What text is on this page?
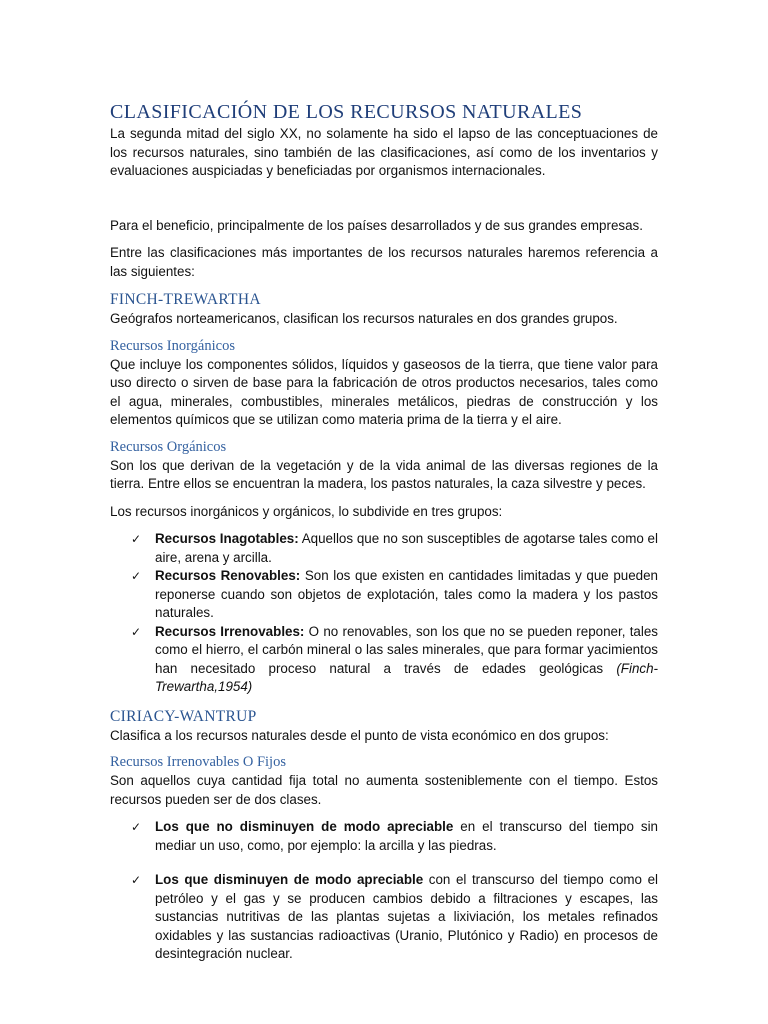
CLASIFICACIÓN DE LOS RECURSOS NATURALES

La segunda mitad del siglo XX, no solamente ha sido el lapso de las conceptuaciones de los recursos naturales, sino también de las clasificaciones, así como de los inventarios y evaluaciones auspiciadas y beneficiadas por organismos internacionales.

Para el beneficio, principalmente de los países desarrollados y de sus grandes empresas.

Entre las clasificaciones más importantes de los recursos naturales haremos referencia a las siguientes:

FINCH-TREWARTHA

Geógrafos norteamericanos, clasifican los recursos naturales en dos grandes grupos.

Recursos Inorgánicos

Que incluye los componentes sólidos, líquidos y gaseosos de la tierra, que tiene valor para uso directo o sirven de base para la fabricación de otros productos necesarios, tales como el agua, minerales, combustibles, minerales metálicos, piedras de construcción y los elementos químicos que se utilizan como materia prima de la tierra y el aire.

Recursos Orgánicos

Son los que derivan de la vegetación y de la vida animal de las diversas regiones de la tierra. Entre ellos se encuentran la madera, los pastos naturales, la caza silvestre y peces.

Los recursos inorgánicos y orgánicos, lo subdivide en tres grupos:

✓ Recursos Inagotables: Aquellos que no son susceptibles de agotarse tales como el aire, arena y arcilla.
✓ Recursos Renovables: Son los que existen en cantidades limitadas y que pueden reponerse cuando son objetos de explotación, tales como la madera y los pastos naturales.
✓ Recursos Irrenovables: O no renovables, son los que no se pueden reponer, tales como el hierro, el carbón mineral o las sales minerales, que para formar yacimientos han necesitado proceso natural a través de edades geológicas (Finch-Trewartha,1954)
CIRIACY-WANTRUP

Clasifica a los recursos naturales desde el punto de vista económico en dos grupos:

Recursos Irrenovables O Fijos

Son aquellos cuya cantidad fija total no aumenta sosteniblemente con el tiempo. Estos recursos pueden ser de dos clases.

✓ Los que no disminuyen de modo apreciable en el transcurso del tiempo sin mediar un uso, como, por ejemplo: la arcilla y las piedras.
✓ Los que disminuyen de modo apreciable con el transcurso del tiempo como el petróleo y el gas y se producen cambios debido a filtraciones y escapes, las sustancias nutritivas de las plantas sujetas a lixiviación, los metales refinados oxidables y las sustancias radioactivas (Uranio, Plutónico y Radio) en procesos de desintegración nuclear.
